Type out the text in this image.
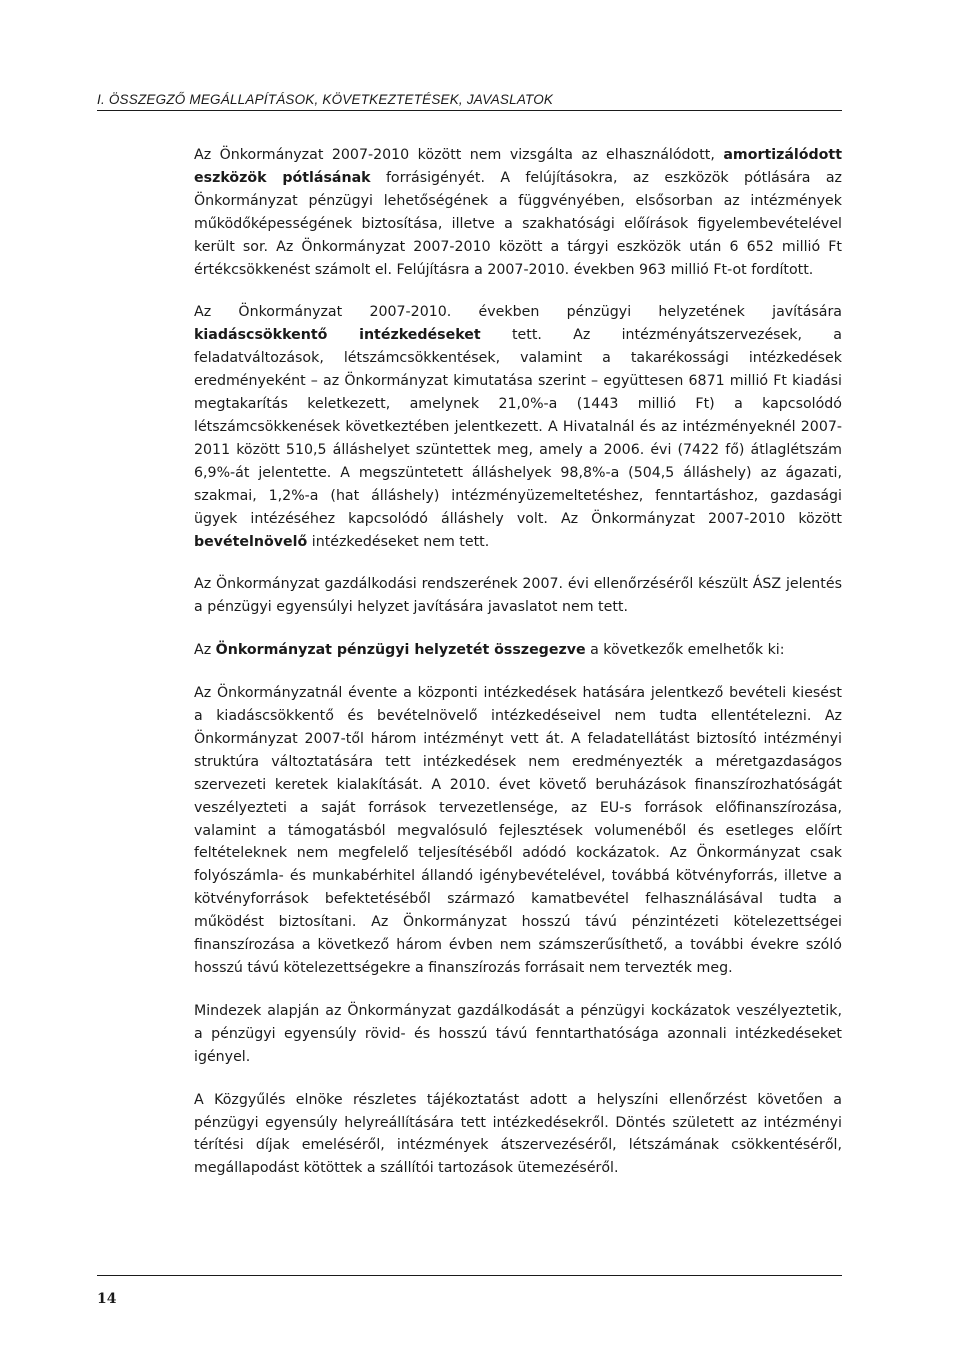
I. ÖSSZEGZŐ MEGÁLLAPÍTÁSOK, KÖVETKEZTETÉSEK, JAVASLATOK

Az Önkormányzat 2007-2010 között nem vizsgálta az elhasználódott, amortizálódott eszközök pótlásának forrásigényét. A felújításokra, az eszközök pótlására az Önkormányzat pénzügyi lehetőségének a függvényében, elsősorban az intézmények működőképességének biztosítása, illetve a szakhatósági előírások figyelembevételével került sor. Az Önkormányzat 2007-2010 között a tárgyi eszközök után 6 652 millió Ft értékcsökkenést számolt el. Felújításra a 2007-2010. években 963 millió Ft-ot fordított.

Az Önkormányzat 2007-2010. években pénzügyi helyzetének javítására kiadáscsökkentő intézkedéseket tett. Az intézményátszervezések, a feladatváltozások, létszámcsökkentések, valamint a takarékossági intézkedések eredményeként – az Önkormányzat kimutatása szerint – együttesen 6871 millió Ft kiadási megtakarítás keletkezett, amelynek 21,0%-a (1443 millió Ft) a kapcsolódó létszámcsökkenések következtében jelentkezett. A Hivatalnál és az intézményeknél 2007-2011 között 510,5 álláshelyet szüntettek meg, amely a 2006. évi (7422 fő) átlaglétszám 6,9%-át jelentette. A megszüntetett álláshelyek 98,8%-a (504,5 álláshely) az ágazati, szakmai, 1,2%-a (hat álláshely) intézményüzemeltetéshez, fenntartáshoz, gazdasági ügyek intézéséhez kapcsolódó álláshely volt. Az Önkormányzat 2007-2010 között bevételnövelő intézkedéseket nem tett.

Az Önkormányzat gazdálkodási rendszerének 2007. évi ellenőrzéséről készült ÁSZ jelentés a pénzügyi egyensúlyi helyzet javítására javaslatot nem tett.

Az Önkormányzat pénzügyi helyzetét összegezve a következők emelhetők ki:

Az Önkormányzatnál évente a központi intézkedések hatására jelentkező bevételi kiesést a kiadáscsökkentő és bevételnövelő intézkedéseivel nem tudta ellentételezni. Az Önkormányzat 2007-től három intézményt vett át. A feladatellátást biztosító intézményi struktúra változtatására tett intézkedések nem eredményezték a méretgazdaságos szervezeti keretek kialakítását. A 2010. évet követő beruházások finanszírozhatóságát veszélyezteti a saját források tervezetlensége, az EU-s források előfinanszírozása, valamint a támogatásból megvalósuló fejlesztések volumenéből és esetleges előírt feltételeknek nem megfelelő teljesítéséből adódó kockázatok. Az Önkormányzat csak folyószámla- és munkabérhitel állandó igénybevételével, továbbá kötvényforrás, illetve a kötvényforrások befektetéséből származó kamatbevétel felhasználásával tudta a működést biztosítani. Az Önkormányzat hosszú távú pénzintézeti kötelezettségei finanszírozása a következő három évben nem számszerűsíthető, a további évekre szóló hosszú távú kötelezettségekre a finanszírozás forrásait nem tervezték meg.

Mindezek alapján az Önkormányzat gazdálkodását a pénzügyi kockázatok veszélyeztetik, a pénzügyi egyensúly rövid- és hosszú távú fenntarthatósága azonnali intézkedéseket igényel.

A Közgyűlés elnöke részletes tájékoztatást adott a helyszíni ellenőrzést követően a pénzügyi egyensúly helyreállítására tett intézkedésekről. Döntés született az intézményi térítési díjak emeléséről, intézmények átszervezéséről, létszámának csökkentéséről, megállapodást kötöttek a szállítói tartozások ütemezéséről.

14
